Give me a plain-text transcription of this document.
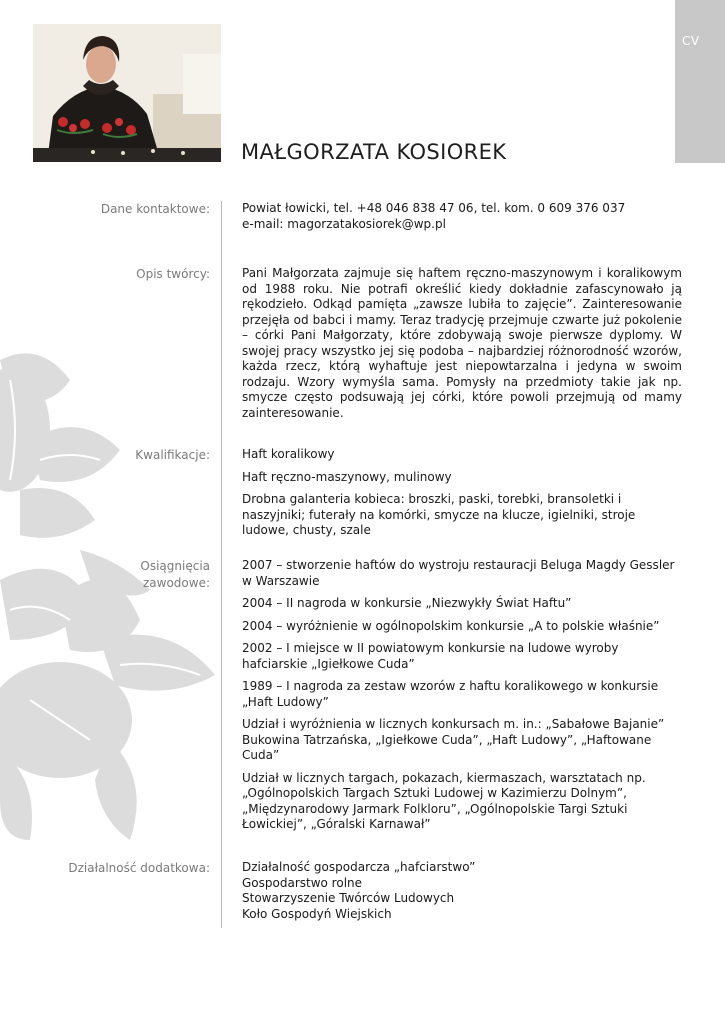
CV
MAŁGORZATA KOSIOREK
Dane kontaktowe:	Powiat łowicki, tel. +48 046 838 47 06, tel. kom. 0 609 376 037

e-mail: magorzatakosiorek@wp.pl

Opis twórcy:	Pani Małgorzata zajmuje się haftem ręczno-maszynowym i koralikowym od 1988 roku. Nie potrafi określić kiedy dokładnie zafascynowało ją rękodzieło. Odkąd pamięta „zawsze lubiła to zajęcie”. Zainteresowanie przejęła od babci i mamy. Teraz tradycję przejmuje czwarte już pokolenie – córki Pani Małgorzaty, które zdobywają swoje pierwsze dyplomy. W swojej pracy wszystko jej się podoba – najbardziej różnorodność wzorów, każda rzecz, którą wyhaftuje jest niepowtarzalna i jedyna w swoim rodzaju. Wzory wymyśla sama. Pomysły na przedmioty takie jak np. smycze często podsuwają jej córki, które powoli przejmują od mamy zainteresowanie.
Kwalifikacje:	Haft koralikowy

Haft ręczno-maszynowy, mulinowy

Drobna galanteria kobieca: broszki, paski, torebki, bransoletki i naszyjniki; futerały na komórki, smycze na klucze, igielniki, stroje ludowe, chusty, szale

Osiągnięcia
zawodowe:

2007 – stworzenie haftów do wystroju restauracji Beluga Magdy Gessler w Warszawie

2004 – II nagroda w konkursie „Niezwykły Świat Haftu”

2004 – wyróżnienie w ogólnopolskim konkursie „A to polskie właśnie”

2002 – I miejsce w II powiatowym konkursie na ludowe wyroby hafciarskie „Igiełkowe Cuda”

1989 – I nagroda za zestaw wzorów z haftu koralikowego w konkursie „Haft Ludowy”

Udział i wyróżnienia w licznych konkursach m. in.: „Sabałowe Bajanie” Bukowina Tatrzańska, „Igiełkowe Cuda”, „Haft Ludowy”, „Haftowane Cuda”

Udział w licznych targach, pokazach, kiermaszach, warsztatach np. „Ogólnopolskich Targach Sztuki Ludowej w Kazimierzu Dolnym”, „Międzynarodowy Jarmark Folkloru”, „Ogólnopolskie Targi Sztuki Łowickiej”, „Góralski Karnawał”

Działalność dodatkowa:	Działalność gospodarcza „hafciarstwo”

Gospodarstwo rolne

Stowarzyszenie Twórców Ludowych

Koło Gospodyń Wiejskich
